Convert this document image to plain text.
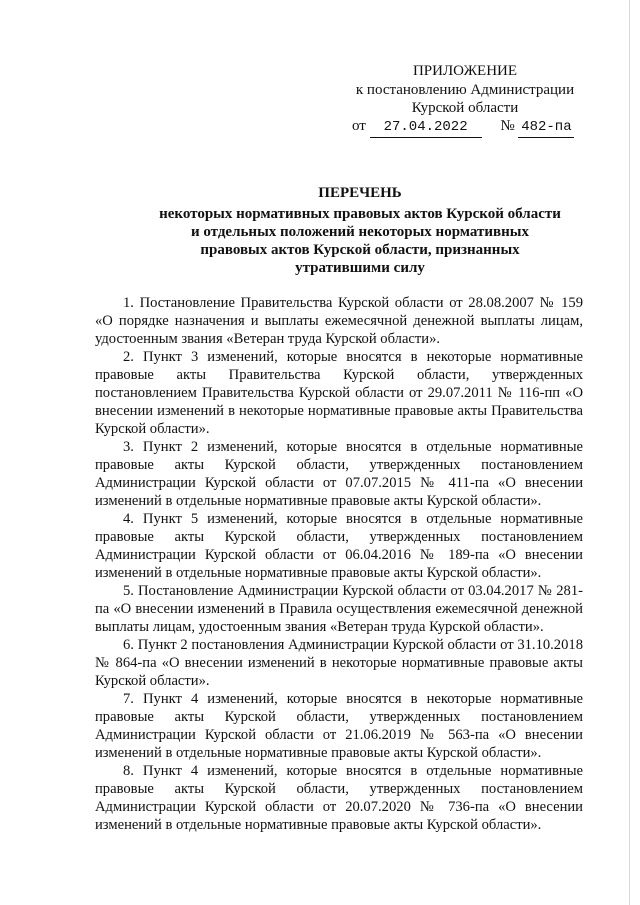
ПРИЛОЖЕНИЕ
к постановлению Администрации
Курской области
от 27.04.2022 № 482-па
ПЕРЕЧЕНЬ
некоторых нормативных правовых актов Курской области
и отдельных положений некоторых нормативных
правовых актов Курской области, признанных
утратившими силу

1. Постановление Правительства Курской области от 28.08.2007 № 159 «О порядке назначения и выплаты ежемесячной денежной выплаты лицам, удостоенным звания «Ветеран труда Курской области».

2. Пункт 3 изменений, которые вносятся в некоторые нормативные правовые акты Правительства Курской области, утвержденных постановлением Правительства Курской области от 29.07.2011 № 116-пп «О внесении изменений в некоторые нормативные правовые акты Правительства Курской области».

3. Пункт 2 изменений, которые вносятся в отдельные нормативные правовые акты Курской области, утвержденных постановлением Администрации Курской области от 07.07.2015 № 411-па «О внесении изменений в отдельные нормативные правовые акты Курской области».

4. Пункт 5 изменений, которые вносятся в отдельные нормативные правовые акты Курской области, утвержденных постановлением Администрации Курской области от 06.04.2016 № 189-па «О внесении изменений в отдельные нормативные правовые акты Курской области».

5. Постановление Администрации Курской области от 03.04.2017 № 281-па «О внесении изменений в Правила осуществления ежемесячной денежной выплаты лицам, удостоенным звания «Ветеран труда Курской области».

6. Пункт 2 постановления Администрации Курской области от 31.10.2018 № 864-па «О внесении изменений в некоторые нормативные правовые акты Курской области».

7. Пункт 4 изменений, которые вносятся в некоторые нормативные правовые акты Курской области, утвержденных постановлением Администрации Курской области от 21.06.2019 № 563-па «О внесении изменений в отдельные нормативные правовые акты Курской области».

8. Пункт 4 изменений, которые вносятся в отдельные нормативные правовые акты Курской области, утвержденных постановлением Администрации Курской области от 20.07.2020 № 736-па «О внесении изменений в отдельные нормативные правовые акты Курской области».
